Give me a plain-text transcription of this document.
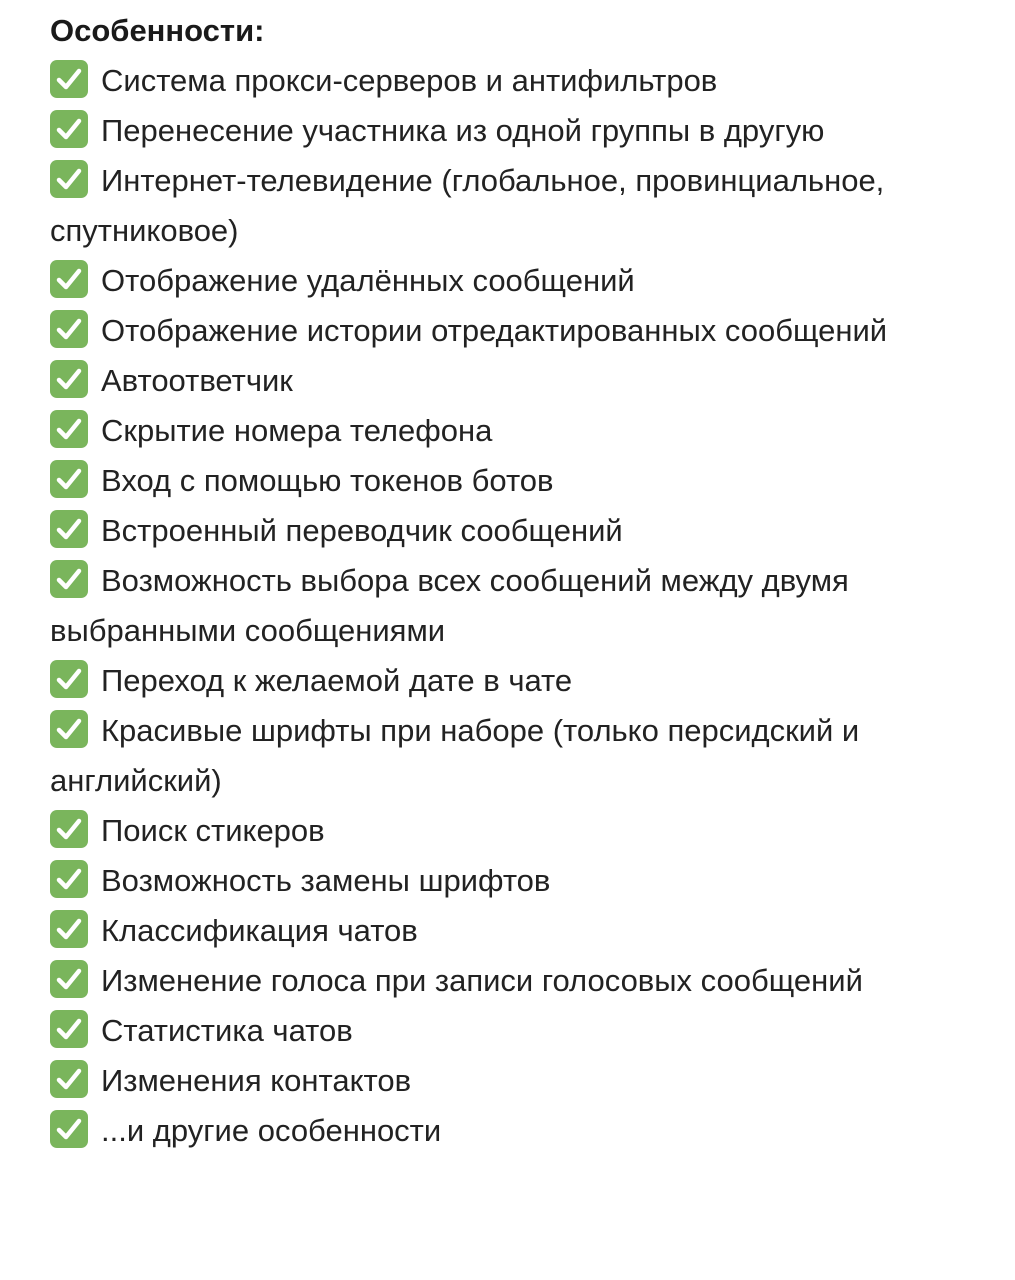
Особенности:
Система прокси-серверов и антифильтров
Перенесение участника из одной группы в другую
Интернет-телевидение (глобальное, провинциальное, спутниковое)
Отображение удалённых сообщений
Отображение истории отредактированных сообщений
Автоответчик
Скрытие номера телефона
Вход с помощью токенов ботов
Встроенный переводчик сообщений
Возможность выбора всех сообщений между двумя выбранными сообщениями
Переход к желаемой дате в чате
Красивые шрифты при наборе (только персидский и английский)
Поиск стикеров
Возможность замены шрифтов
Классификация чатов
Изменение голоса при записи голосовых сообщений
Статистика чатов
Изменения контактов
...и другие особенности
